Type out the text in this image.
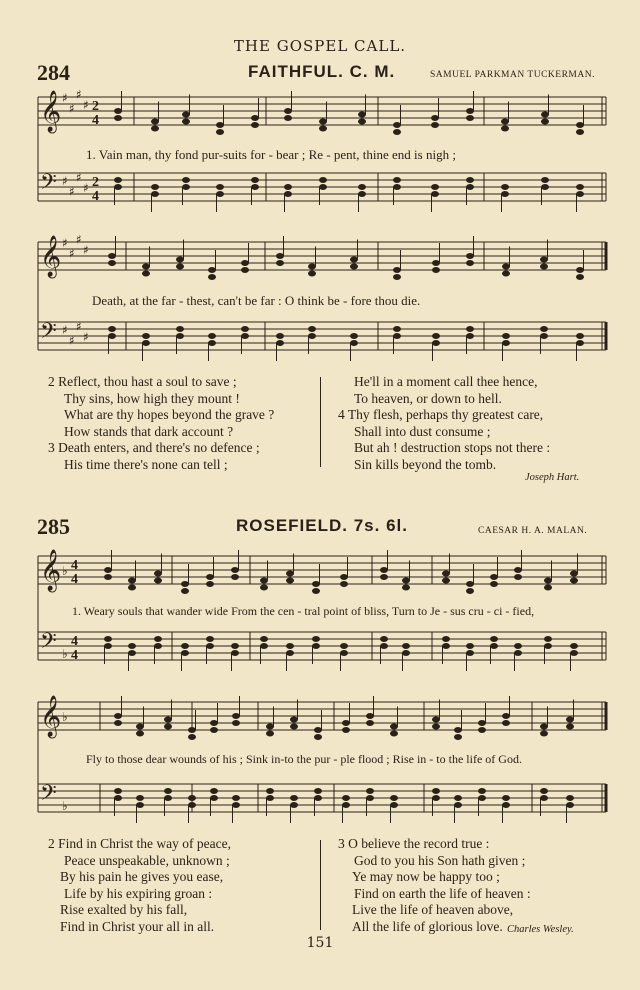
THE GOSPEL CALL.
284	FAITHFUL. C. M.	SAMUEL PARKMAN TUCKERMAN.
𝄞 ♯
♯
♯
♯ 2
4
𝄢 ♯
♯
♯
♯ 2
4
𝄞 ♯
♯
♯
♯
𝄢 ♯
♯
♯
♯
𝄞 ♭ 4
4
𝄢 ♭
4
4
𝄞 ♭
𝄢 ♭
1. Vain man, thy fond pur-suits for - bear ; Re - pent, thine end is nigh ;
Death, at the far - thest, can't be far : O think be - fore thou die.
2 Reflect, thou hast a soul to save ;
Thy sins, how high they mount !
What are thy hopes beyond the grave ?
How stands that dark account ?
3 Death enters, and there's no defence ;
His time there's none can tell ;
He'll in a moment call thee hence,
To heaven, or down to hell.
4 Thy flesh, perhaps thy greatest care,
Shall into dust consume ;
But ah ! destruction stops not there :
Sin kills beyond the tomb.
Joseph Hart.
285	ROSEFIELD. 7s. 6l.	CAESAR H. A. MALAN.
1. Weary souls that wander wide From the cen - tral point of bliss, Turn to Je - sus cru - ci - fied,
Fly to those dear wounds of his ; Sink in-to the pur - ple flood ; Rise in - to the life of God.
2 Find in Christ the way of peace,
Peace unspeakable, unknown ;
By his pain he gives you ease,
Life by his expiring groan :
Rise exalted by his fall,
Find in Christ your all in all.
3 O believe the record true :
God to you his Son hath given ;
Ye may now be happy too ;
Find on earth the life of heaven :
Live the life of heaven above,
All the life of glorious love. Charles Wesley.
151
